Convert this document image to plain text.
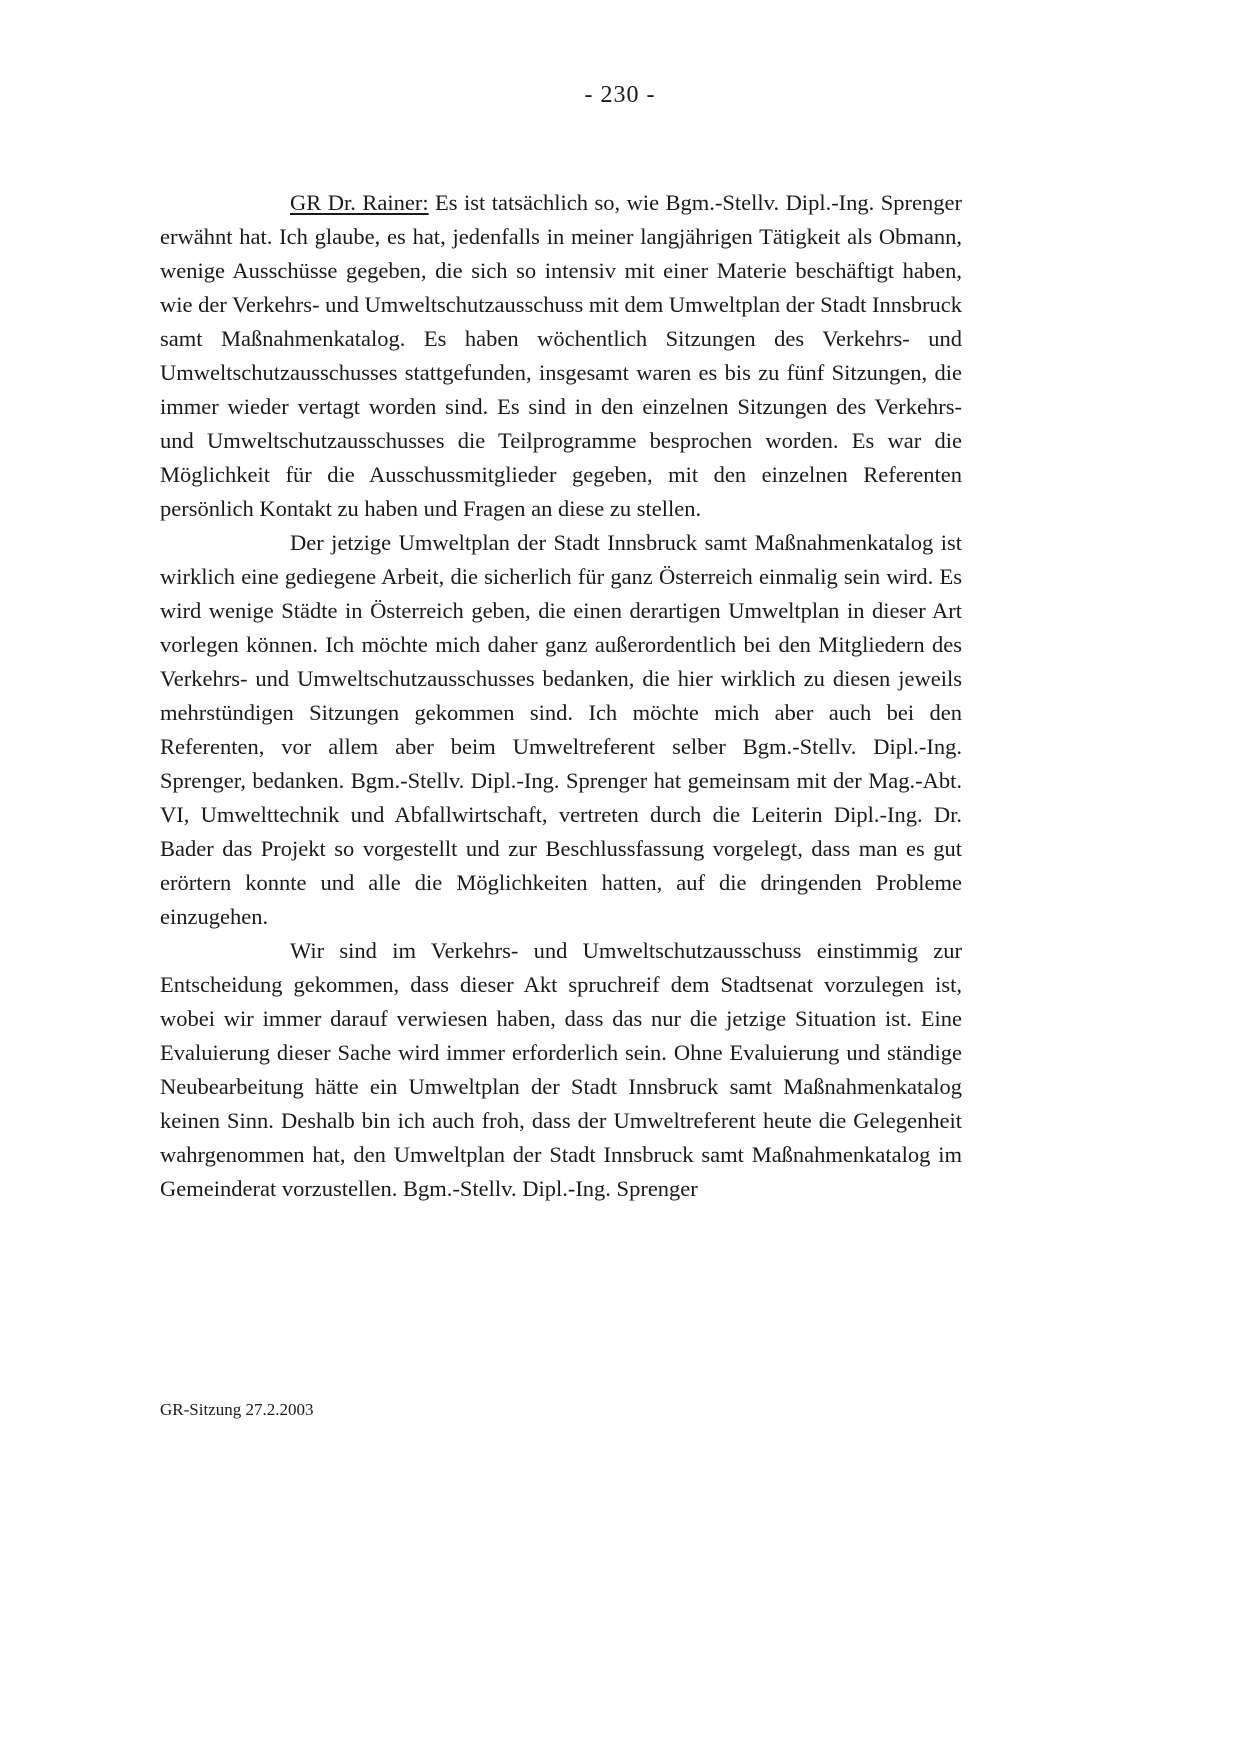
- 230 -

GR Dr. Rainer: Es ist tatsächlich so, wie Bgm.-Stellv. Dipl.-Ing. Sprenger erwähnt hat. Ich glaube, es hat, jedenfalls in meiner langjährigen Tätigkeit als Obmann, wenige Ausschüsse gegeben, die sich so intensiv mit einer Materie beschäftigt haben, wie der Verkehrs- und Umweltschutzausschuss mit dem Umweltplan der Stadt Innsbruck samt Maßnahmenkatalog. Es haben wöchentlich Sitzungen des Verkehrs- und Umweltschutzausschusses stattgefunden, insgesamt waren es bis zu fünf Sitzungen, die immer wieder vertagt worden sind. Es sind in den einzelnen Sitzungen des Verkehrs- und Umweltschutzausschusses die Teilprogramme besprochen worden. Es war die Möglichkeit für die Ausschussmitglieder gegeben, mit den einzelnen Referenten persönlich Kontakt zu haben und Fragen an diese zu stellen.

Der jetzige Umweltplan der Stadt Innsbruck samt Maßnahmenkatalog ist wirklich eine gediegene Arbeit, die sicherlich für ganz Österreich einmalig sein wird. Es wird wenige Städte in Österreich geben, die einen derartigen Umweltplan in dieser Art vorlegen können. Ich möchte mich daher ganz außerordentlich bei den Mitgliedern des Verkehrs- und Umweltschutzausschusses bedanken, die hier wirklich zu diesen jeweils mehrstündigen Sitzungen gekommen sind. Ich möchte mich aber auch bei den Referenten, vor allem aber beim Umweltreferent selber Bgm.-Stellv. Dipl.-Ing. Sprenger, bedanken. Bgm.-Stellv. Dipl.-Ing. Sprenger hat gemeinsam mit der Mag.-Abt. VI, Umwelttechnik und Abfallwirtschaft, vertreten durch die Leiterin Dipl.-Ing. Dr. Bader das Projekt so vorgestellt und zur Beschlussfassung vorgelegt, dass man es gut erörtern konnte und alle die Möglichkeiten hatten, auf die dringenden Probleme einzugehen.

Wir sind im Verkehrs- und Umweltschutzausschuss einstimmig zur Entscheidung gekommen, dass dieser Akt spruchreif dem Stadtsenat vorzulegen ist, wobei wir immer darauf verwiesen haben, dass das nur die jetzige Situation ist. Eine Evaluierung dieser Sache wird immer erforderlich sein. Ohne Evaluierung und ständige Neubearbeitung hätte ein Umweltplan der Stadt Innsbruck samt Maßnahmenkatalog keinen Sinn. Deshalb bin ich auch froh, dass der Umweltreferent heute die Gelegenheit wahrgenommen hat, den Umweltplan der Stadt Innsbruck samt Maßnahmenkatalog im Gemeinderat vorzustellen. Bgm.-Stellv. Dipl.-Ing. Sprenger

GR-Sitzung 27.2.2003
